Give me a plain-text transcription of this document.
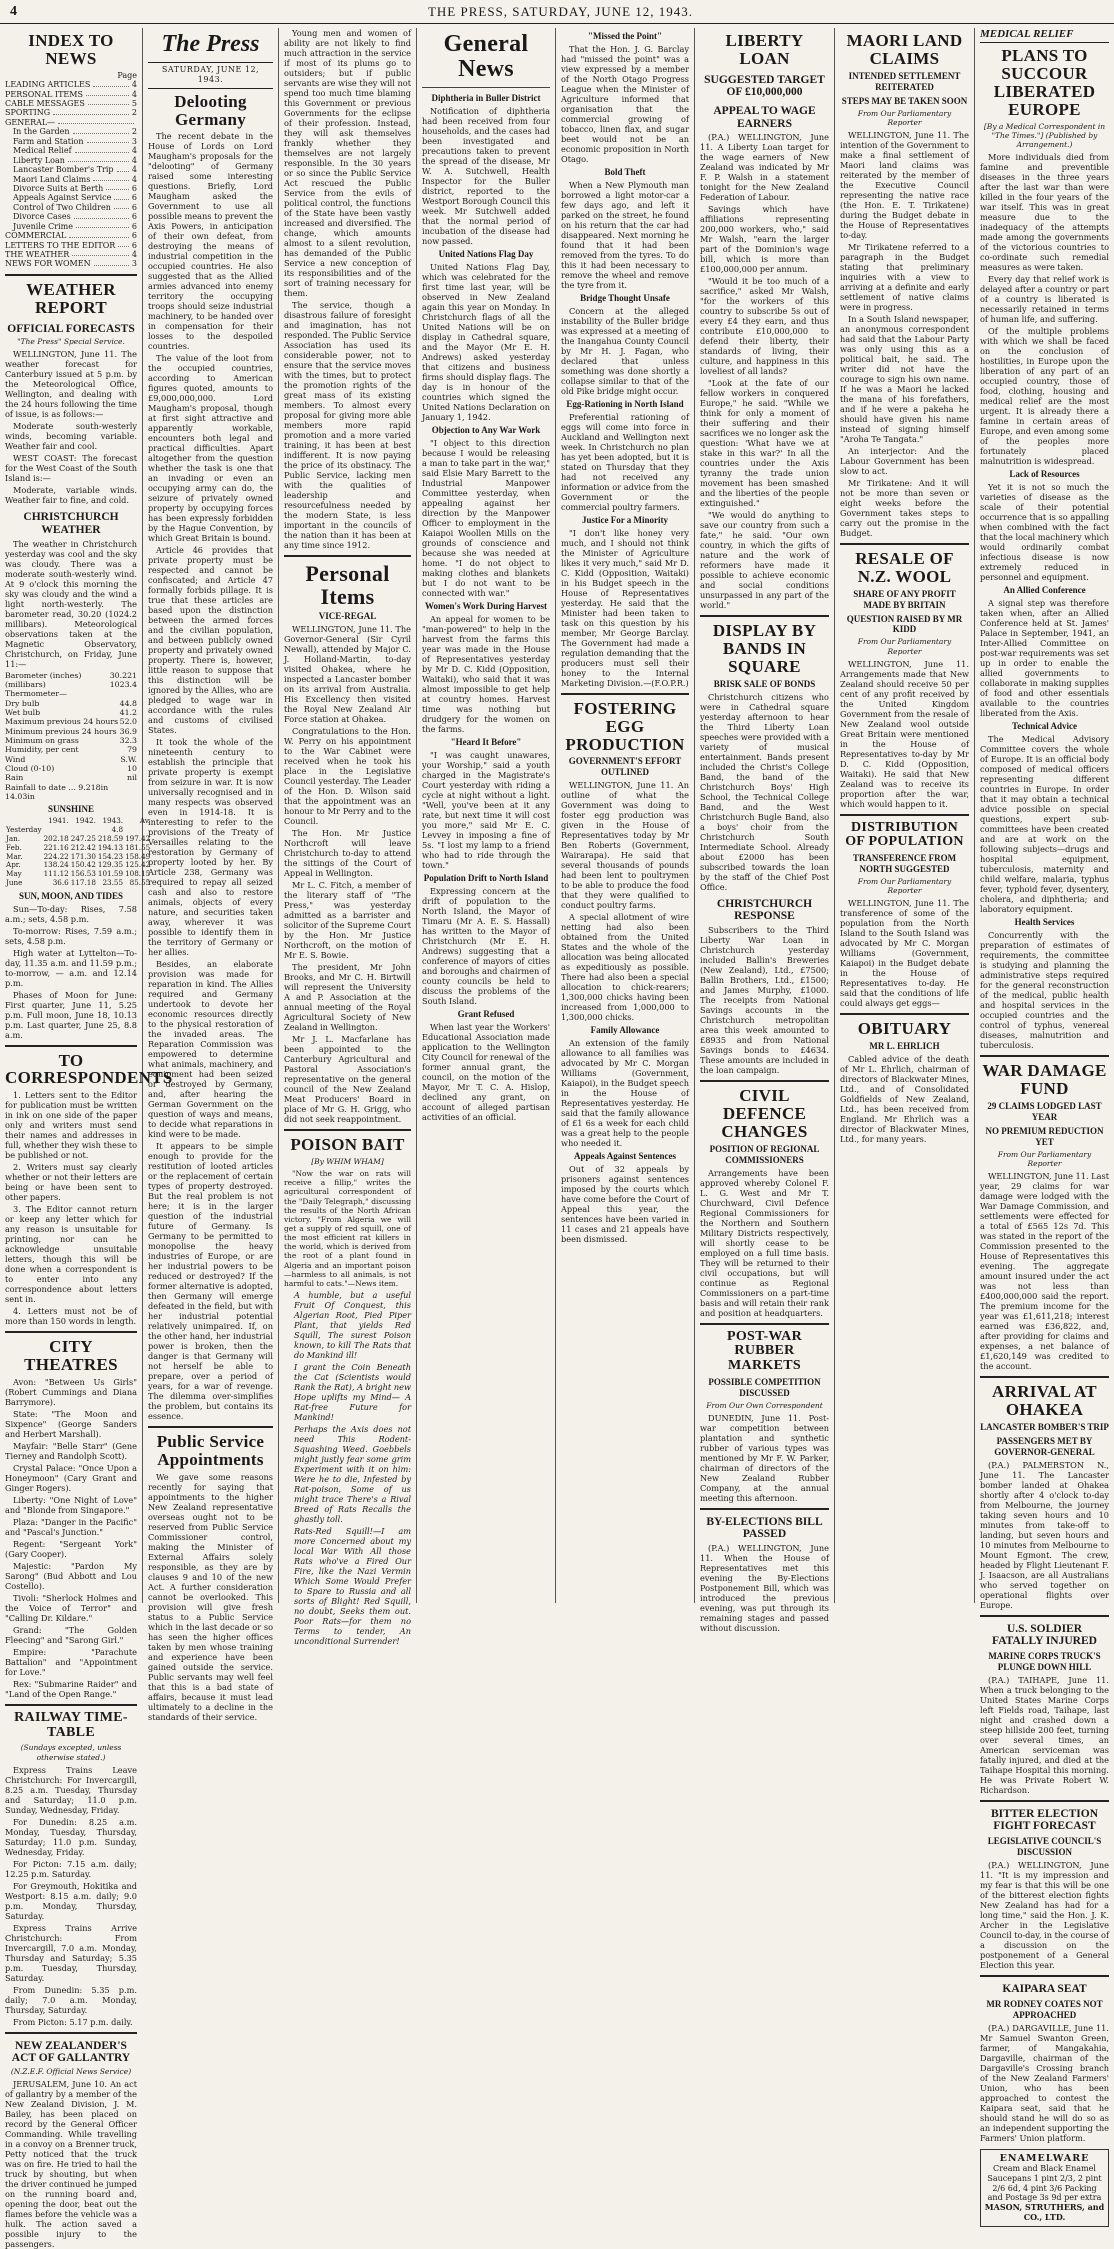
4	THE PRESS, SATURDAY, JUNE 12, 1943.
INDEX TO NEWS
Page
LEADING ARTICLES	4
PERSONAL ITEMS	4
CABLE MESSAGES	5
SPORTING	2
GENERAL—
In the Garden	2
Farm and Station	3
Medical Relief	4
Liberty Loan	4
Lancaster Bomber's Trip 4
Maori Land Claims	4
Divorce Suits at Berth	6
Appeals Against Service	6
Control of Two Children	6
Divorce Cases	6
Juvenile Crime	6
COMMERCIAL	6
LETTERS TO THE EDITOR 6
THE WEATHER	4
NEWS FOR WOMEN	3
WEATHER REPORT
OFFICIAL FORECASTS
"The Press" Special Service.

WELLINGTON, June 11. The weather forecast for Canterbury issued at 5 p.m. by the Meteorological Office, Wellington, and dealing with the 24 hours following the time of issue, is as follows:—

Moderate south-westerly winds, becoming variable. Weather fair and cool.

WEST COAST: The forecast for the West Coast of the South Island is:—

Moderate, variable winds. Weather fair to fine, and cold.

CHRISTCHURCH WEATHER

The weather in Christchurch yesterday was cool and the sky was cloudy. There was a moderate south-westerly wind. At 9 o'clock this morning the sky was cloudy and the wind a light north-westerly. The barometer read, 30.20 (1024.2 millibars). Meteorological observations taken at the Magnetic Observatory, Christchurch, on Friday, June 11:—

Barometer (inches)	30.221
(millibars)	1023.4
Thermometer—
Dry bulb	44.8
Wet bulb	41.2
Maximum previous 24 hours 52.0
Minimum previous 24 hours 36.9
Minimum on grass	32.3
Humidity, per cent	79
Wind	S.W.
Cloud (0-10)	10
Rain	nil
Rainfall to date ... 9.218in 14.03in
SUNSHINE
	1941.	1942.	1943.	Av.
Yesterday			4.8	
Jan.	202.18	247.25	218.59	197.42
Feb.	221.16	212.42	194.13	181.55
Mar.	224.22	171.30	154.23	158.49
Apr.	138.24	150.42	129.35	125.42
May	111.12	156.53	101.59	108.15
June	36.6	117.18	23.55	85.55
SUN, MOON, AND TIDES

Sun—To-day: Rises, 7.58 a.m.; sets, 4.58 p.m.

To-morrow: Rises, 7.59 a.m.; sets, 4.58 p.m.

High water at Lyttelton—To-day, 11.35 a.m. and 11.59 p.m.; to-morrow, — a.m. and 12.14 p.m.

Phases of Moon for June: First quarter, June 11, 5.25 p.m. Full moon, June 18, 10.13 p.m. Last quarter, June 25, 8.8 a.m.

TO CORRESPONDENTS

1. Letters sent to the Editor for publication must be written in ink on one side of the paper only and writers must send their names and addresses in full, whether they wish these to be published or not.

2. Writers must say clearly whether or not their letters are being or have been sent to other papers.

3. The Editor cannot return or keep any letter which for any reason is unsuitable for printing, nor can he acknowledge unsuitable letters, though this will be done when a correspondent is to enter into any correspondence about letters sent in.

4. Letters must not be of more than 150 words in length.

CITY THEATRES

Avon: "Between Us Girls" (Robert Cummings and Diana Barrymore).

State: "The Moon and Sixpence" (George Sanders and Herbert Marshall).

Mayfair: "Belle Starr" (Gene Tierney and Randolph Scott).

Crystal Palace: "Once Upon a Honeymoon" (Cary Grant and Ginger Rogers).

Liberty: "One Night of Love" and "Blonde from Singapore."

Plaza: "Danger in the Pacific" and "Pascal's Junction."

Regent: "Sergeant York" (Gary Cooper).

Majestic: "Pardon My Sarong" (Bud Abbott and Lou Costello).

Tivoli: "Sherlock Holmes and the Voice of Terror" and "Calling Dr. Kildare."

Grand: "The Golden Fleecing" and "Sarong Girl."

Empire: "Parachute Battalion" and "Appointment for Love."

Rex: "Submarine Raider" and "Land of the Open Range."

RAILWAY TIME-TABLE
(Sundays excepted, unless otherwise stated.)

Express Trains Leave Christchurch: For Invercargill, 8.25 a.m. Tuesday, Thursday and Saturday; 11.0 p.m. Sunday, Wednesday, Friday.

For Dunedin: 8.25 a.m. Monday, Tuesday, Thursday, Saturday; 11.0 p.m. Sunday, Wednesday, Friday.

For Picton: 7.15 a.m. daily; 12.25 p.m. Saturday.

For Greymouth, Hokitika and Westport: 8.15 a.m. daily; 9.0 p.m. Monday, Thursday, Saturday.

Express Trains Arrive Christchurch: From Invercargill, 7.0 a.m. Monday, Thursday and Saturday; 5.35 p.m. Tuesday, Thursday, Saturday.

From Dunedin: 5.35 p.m. daily; 7.0 a.m. Monday, Thursday, Saturday.

From Picton: 5.17 p.m. daily.

NEW ZEALANDER'S ACT OF GALLANTRY
(N.Z.E.F. Official News Service)

JERUSALEM, June 10. An act of gallantry by a member of the New Zealand Division, J. M. Bailey, has been placed on record by the General Officer Commanding. While travelling in a convoy on a Brenner truck, Petty noticed that the truck was on fire. He tried to hail the truck by shouting, but when the driver continued he jumped on the running board and, opening the door, beat out the flames before the vehicle was a hulk. The action saved a possible injury to the passengers.

The Press
SATURDAY, JUNE 12, 1943.
Delooting Germany

The recent debate in the House of Lords on Lord Maugham's proposals for the "delooting" of Germany raised some interesting questions. Briefly, Lord Maugham asked the Government to use all possible means to prevent the Axis Powers, in anticipation of their own defeat, from destroying the means of industrial competition in the occupied countries. He also suggested that as the Allied armies advanced into enemy territory the occupying troops should seize industrial machinery, to be handed over in compensation for their losses to the despoiled countries.

The value of the loot from the occupied countries, according to American figures quoted, amounts to £9,000,000,000. Lord Maugham's proposal, though at first sight attractive and apparently workable, encounters both legal and practical difficulties. Apart altogether from the question whether the task is one that an invading or even an occupying army can do, the seizure of privately owned property by occupying forces has been expressly forbidden by the Hague Convention, by which Great Britain is bound.

Article 46 provides that private property must be respected and cannot be confiscated; and Article 47 formally forbids pillage. It is true that these articles are based upon the distinction between the armed forces and the civilian population, and between publicly owned property and privately owned property. There is, however, little reason to suppose that this distinction will be ignored by the Allies, who are pledged to wage war in accordance with the rules and customs of civilised States.

It took the whole of the nineteenth century to establish the principle that private property is exempt from seizure in war. It is now universally recognised and in many respects was observed even in 1914-18. It is interesting to refer to the provisions of the Treaty of Versailles relating to the restoration by Germany of property looted by her. By Article 238, Germany was required to repay all seized cash and also to restore animals, objects of every nature, and securities taken away, wherever it was possible to identify them in the territory of Germany or her allies.

Besides, an elaborate provision was made for reparation in kind. The Allies required and Germany undertook to devote her economic resources directly to the physical restoration of the invaded areas. The Reparation Commission was empowered to determine what animals, machinery, and equipment had been seized or destroyed by Germany, and, after hearing the German Government on the question of ways and means, to decide what reparations in kind were to be made.

It appears to be simple enough to provide for the restitution of looted articles or the replacement of certain types of property destroyed. But the real problem is not here; it is in the larger question of the industrial future of Germany. Is Germany to be permitted to monopolise the heavy industries of Europe, or are her industrial powers to be reduced or destroyed? If the former alternative is adopted, then Germany will emerge defeated in the field, but with her industrial potential relatively unimpaired. If, on the other hand, her industrial power is broken, then the danger is that Germany will not herself be able to prepare, over a period of years, for a war of revenge. The dilemma over-simplifies the problem, but contains its essence.

Public Service Appointments

We gave some reasons recently for saying that appointments to the higher New Zealand representative overseas ought not to be reserved from Public Service Commissioner control, making the Minister of External Affairs solely responsible, as they are by clauses 9 and 10 of the new Act. A further consideration cannot be overlooked. This provision will give fresh status to a Public Service which in the last decade or so has seen the higher offices taken by men whose training and experience have been gained outside the service. Public servants may well feel that this is a bad state of affairs, because it must lead ultimately to a decline in the standards of their service.

Young men and women of ability are not likely to find much attraction in the service if most of its plums go to outsiders; but if public servants are wise they will not spend too much time blaming this Government or previous Governments for the eclipse of their profession. Instead, they will ask themselves frankly whether they themselves are not largely responsible. In the 30 years or so since the Public Service Act rescued the Public Service from the evils of political control, the functions of the State have been vastly increased and diversified. The change, which amounts almost to a silent revolution, has demanded of the Public Service a new conception of its responsibilities and of the sort of training necessary for them.

The service, though a disastrous failure of foresight and imagination, has not responded. The Public Service Association has used its considerable power, not to ensure that the service moves with the times, but to protect the promotion rights of the great mass of its existing members. To almost every proposal for giving more able members more rapid promotion and a more varied training, it has been at best indifferent. It is now paying the price of its obstinacy. The Public Service, lacking men with the qualities of leadership and resourcefulness needed by the modern State, is less important in the councils of the nation than it has been at any time since 1912.

Personal Items
VICE-REGAL

WELLINGTON, June 11. The Governor-General (Sir Cyril Newall), attended by Major C. J. Holland-Martin, to-day visited Ohakea, where he inspected a Lancaster bomber on its arrival from Australia. His Excellency then visited the Royal New Zealand Air Force station at Ohakea.

Congratulations to the Hon. W. Perry on his appointment to the War Cabinet were received when he took his place in the Legislative Council yesterday. The Leader of the Hon. D. Wilson said that the appointment was an honour to Mr Perry and to the Council.

The Hon. Mr Justice Northcroft will leave Christchurch to-day to attend the sittings of the Court of Appeal in Wellington.

Mr L. C. Fitch, a member of the literary staff of "The Press," was yesterday admitted as a barrister and solicitor of the Supreme Court by the Hon. Mr Justice Northcroft, on the motion of Mr E. S. Bowie.

The president, Mr John Brooks, and Mr C. H. Birtwill will represent the University A and P. Association at the annual meeting of the Royal Agricultural Society of New Zealand in Wellington.

Mr J. L. Macfarlane has been appointed to the Canterbury Agricultural and Pastoral Association's representative on the general council of the New Zealand Meat Producers' Board in place of Mr G. H. Grigg, who did not seek reappointment.

POISON BAIT
[By WHIM WHAM]

"Now the war on rats will receive a fillip," writes the agricultural correspondent of the "Daily Telegraph," discussing the results of the North African victory. "From Algeria we will get a supply of red squill, one of the most efficient rat killers in the world, which is derived from the root of a plant found in Algeria and an important poison—harmless to all animals, is not harmful to cats."—News item.

A humble, but a useful Fruit Of Conquest, this Algerian Root, Pied Piper Plant, that yields Red Squill, The surest Poison known, to kill The Rats that do Mankind ill!

I grant the Coin Beneath the Cat (Scientists would Rank the Rat), A bright new Hope uplifts my Mind— A Rat-free Future for Mankind!

Perhaps the Axis does not need This Rodent-Squashing Weed. Goebbels might justly fear some grim Experiment with it on him: Were he to die, Infested by Rat-poison, Some of us might trace There's a Rival Breed of Rats Recalls the ghastly toll.

Rats-Red Squill!—I am more Concerned about my local War With All those Rats who've a Fired Our Fire, like the Nazi Vermin Which Some Would Prefer to Spare to Russia and all sorts of Blight! Red Squill, no doubt, Seeks them out. Poor Rats—for them no Terms to tender, An unconditional Surrender!

General News
Diphtheria in Buller District

Notification of diphtheria had been received from four households, and the cases had been investigated and precautions taken to prevent the spread of the disease, Mr W. A. Sutchwell, Health Inspector for the Buller district, reported to the Westport Borough Council this week. Mr Sutchwell added that the normal period of incubation of the disease had now passed.

United Nations Flag Day

United Nations Flag Day, which was celebrated for the first time last year, will be observed in New Zealand again this year on Monday. In Christchurch flags of all the United Nations will be on display in Cathedral square, and the Mayor (Mr E. H. Andrews) asked yesterday that citizens and business firms should display flags. The day is in honour of the countries which signed the United Nations Declaration on January 1, 1942.

Objection to Any War Work

"I object to this direction because I would be releasing a man to take part in the war," said Elsie Mary Barrett to the Industrial Manpower Committee yesterday, when appealing against her direction by the Manpower Officer to employment in the Kaiapoi Woollen Mills on the grounds of conscience and because she was needed at home. "I do not object to making clothes and blankets but I do not want to be connected with war."

Women's Work During Harvest

An appeal for women to be "man-powered" to help in the harvest from the farms this year was made in the House of Representatives yesterday by Mr D. C. Kidd (Opposition, Waitaki), who said that it was almost impossible to get help at country homes. Harvest time was nothing but drudgery for the women on the farms.

"Heard It Before"

"I was caught unawares, your Worship," said a youth charged in the Magistrate's Court yesterday with riding a cycle at night without a light. "Well, you've been at it any rate, but next time it will cost you more," said Mr E. C. Levvey in imposing a fine of 5s. "I lost my lamp to a friend who had to ride through the town."

Population Drift to North Island

Expressing concern at the drift of population to the North Island, the Mayor of Timaru (Mr A. E. S. Hassall) has written to the Mayor of Christchurch (Mr E. H. Andrews) suggesting that a conference of mayors of cities and boroughs and chairmen of county councils be held to discuss the problems of the South Island.

Grant Refused

When last year the Workers' Educational Association made application to the Wellington City Council for renewal of the former annual grant, the council, on the motion of the Mayor, Mr T. C. A. Hislop, declined any grant, on account of alleged partisan activities of an official.

"Missed the Point"

That the Hon. J. G. Barclay had "missed the point" was a view expressed by a member of the North Otago Progress League when the Minister of Agriculture informed that organisation that the commercial growing of tobacco, linen flax, and sugar beet would not be an economic proposition in North Otago.

Bold Theft

When a New Plymouth man borrowed a light motor-car a few days ago, and left it parked on the street, he found on his return that the car had disappeared. Next morning he found that it had been removed from the tyres. To do this it had been necessary to remove the wheel and remove the tyre from it.

Bridge Thought Unsafe

Concern at the alleged instability of the Buller bridge was expressed at a meeting of the Inangahua County Council by Mr H. J. Fagan, who declared that unless something was done shortly a collapse similar to that of the old Pike bridge might occur.

Egg-Rationing in North Island

Preferential rationing of eggs will come into force in Auckland and Wellington next week. In Christchurch no plan has yet been adopted, but it is stated on Thursday that they had not received any information or advice from the Government or the commercial poultry farmers.

Justice For a Minority

"I don't like honey very much, and I should not think the Minister of Agriculture likes it very much," said Mr D. C. Kidd (Opposition, Waitaki) in his Budget speech in the House of Representatives yesterday. He said that the Minister had been taken to task on this question by his member, Mr George Barclay. The Government had made a regulation demanding that the producers must sell their honey to the Internal Marketing Division.—(F.O.P.R.)

FOSTERING EGG PRODUCTION
GOVERNMENT'S EFFORT OUTLINED

WELLINGTON, June 11. An outline of what the Government was doing to foster egg production was given in the House of Representatives today by Mr Ben Roberts (Government, Wairarapa). He said that several thousands of pounds had been lent to poultrymen to be able to produce the food that they were qualified to conduct poultry farms.

A special allotment of wire netting had also been obtained from the United States and the whole of the allocation was being allocated as expeditiously as possible. There had also been a special allocation to chick-rearers; 1,300,000 chicks having been increased from 1,000,000 to 1,300,000 chicks.

Family Allowance

An extension of the family allowance to all families was advocated by Mr C. Morgan Williams (Government, Kaiapoi), in the Budget speech in the House of Representatives yesterday. He said that the family allowance of £1 6s a week for each child was a great help to the people who needed it.

Appeals Against Sentences

Out of 32 appeals by prisoners against sentences imposed by the courts which have come before the Court of Appeal this year, the sentences have been varied in 11 cases and 21 appeals have been dismissed.

LIBERTY LOAN
SUGGESTED TARGET OF £10,000,000
APPEAL TO WAGE EARNERS

(P.A.) WELLINGTON, June 11. A Liberty Loan target for the wage earners of New Zealand was indicated by Mr F. P. Walsh in a statement tonight for the New Zealand Federation of Labour.

Savings which have affiliations representing 200,000 workers, who," said Mr Walsh, "earn the larger part of the Dominion's wage bill, which is more than £100,000,000 per annum.

"Would it be too much of a sacrifice," asked Mr Walsh, "for the workers of this country to subscribe 5s out of every £4 they earn, and thus contribute £10,000,000 to defend their liberty, their standards of living, their culture, and happiness in this loveliest of all lands?

"Look at the fate of our fellow workers in conquered Europe," he said. "While we think for only a moment of their suffering and their sacrifices we no longer ask the question: 'What have we at stake in this war?' In all the countries under the Axis tyranny the trade union movement has been smashed and the liberties of the people extinguished."

"We would do anything to save our country from such a fate," he said. "Our own country, in which the gifts of nature and the work of reformers have made it possible to achieve economic and social conditions unsurpassed in any part of the world."

DISPLAY BY BANDS IN SQUARE
BRISK SALE OF BONDS

Christchurch citizens who were in Cathedral square yesterday afternoon to hear the Third Liberty Loan speeches were provided with a variety of musical entertainment. Bands present included the Christ's College Band, the band of the Christchurch Boys' High School, the Technical College Band, and the West Christchurch Bugle Band, also a boys' choir from the Christchurch South Intermediate School. Already about £2000 has been subscribed towards the loan by the staff of the Chief Post Office.

CHRISTCHURCH RESPONSE

Subscribers to the Third Liberty War Loan in Christchurch yesterday included Ballin's Breweries (New Zealand), Ltd., £7500; Ballin Brothers, Ltd., £1500; and James Murphy, £1000. The receipts from National Savings accounts in the Christchurch metropolitan area this week amounted to £8935 and from National Savings bonds to £4634. These amounts are included in the loan campaign.

CIVIL DEFENCE CHANGES
POSITION OF REGIONAL COMMISSIONERS

Arrangements have been approved whereby Colonel F. L. G. West and Mr T. Churchward, Civil Defence Regional Commissioners for the Northern and Southern Military Districts respectively, will shortly cease to be employed on a full time basis. They will be returned to their civil occupations, but will continue as Regional Commissioners on a part-time basis and will retain their rank and position at headquarters.

POST-WAR RUBBER MARKETS
POSSIBLE COMPETITION DISCUSSED
From Our Own Correspondent

DUNEDIN, June 11. Post-war competition between plantation and synthetic rubber of various types was mentioned by Mr F. W. Parker, chairman of directors of the New Zealand Rubber Company, at the annual meeting this afternoon.

BY-ELECTIONS BILL PASSED

(P.A.) WELLINGTON, June 11. When the House of Representatives met this evening the By-Elections Postponement Bill, which was introduced the previous evening, was put through its remaining stages and passed without discussion.

MAORI LAND CLAIMS
INTENDED SETTLEMENT REITERATED
STEPS MAY BE TAKEN SOON
From Our Parliamentary Reporter

WELLINGTON, June 11. The intention of the Government to make a final settlement of Maori land claims was reiterated by the member of the Executive Council representing the native race (the Hon. E. T. Tirikatene) during the Budget debate in the House of Representatives to-day.

Mr Tirikatene referred to a paragraph in the Budget stating that preliminary inquiries with a view to arriving at a definite and early settlement of native claims were in progress.

In a South Island newspaper, an anonymous correspondent had said that the Labour Party was only using this as a political bait, he said. The writer did not have the courage to sign his own name. If he was a Maori he lacked the mana of his forefathers, and if he were a pakeha he should have given his name instead of signing himself "Aroha Te Tangata."

An interjector: And the Labour Government has been slow to act.

Mr Tirikatene: And it will not be more than seven or eight weeks before the Government takes steps to carry out the promise in the Budget.

RESALE OF N.Z. WOOL
SHARE OF ANY PROFIT MADE BY BRITAIN
QUESTION RAISED BY MR KIDD
From Our Parliamentary Reporter

WELLINGTON, June 11. Arrangements made that New Zealand should receive 50 per cent of any profit received by the United Kingdom Government from the resale of New Zealand wool outside Great Britain were mentioned in the House of Representatives to-day by Mr D. C. Kidd (Opposition, Waitaki). He said that New Zealand was to receive its proportion after the war, which would happen to it.

DISTRIBUTION OF POPULATION
TRANSFERENCE FROM NORTH SUGGESTED
From Our Parliamentary Reporter

WELLINGTON, June 11. The transference of some of the population from the North Island to the South Island was advocated by Mr C. Morgan Williams (Government, Kaiapoi) in the Budget debate in the House of Representatives to-day. He said that the conditions of life could always get eggs—

OBITUARY
MR L. EHRLICH

Cabled advice of the death of Mr L. Ehrlich, chairman of directors of Blackwater Mines, Ltd., and of Consolidated Goldfields of New Zealand, Ltd., has been received from England. Mr Ehrlich was a director of Blackwater Mines, Ltd., for many years.

MEDICAL RELIEF
PLANS TO SUCCOUR LIBERATED EUROPE
[By a Medical Correspondent in "The Times."] (Published by Arrangement.)

More individuals died from famine and preventible diseases in the three years after the last war than were killed in the four years of the war itself. This was in great measure due to the inadequacy of the attempts made among the governments of the victorious countries to co-ordinate such remedial measures as were taken.

Every day that relief work is delayed after a country or part of a country is liberated is necessarily retained in terms of human life, and suffering.

Of the multiple problems with which we shall be faced on the conclusion of hostilities, in Europe upon the liberation of any part of an occupied country, those of food, clothing, housing and medical relief are the most urgent. It is already there a famine in certain areas of Europe, and even among some of the peoples more fortunately placed malnutrition is widespread.

Lack of Resources

Yet it is not so much the varieties of disease as the scale of their potential occurrence that is so appalling when combined with the fact that the local machinery which would ordinarily combat infectious disease is now extremely reduced in personnel and equipment.

An Allied Conference

A signal step was therefore taken when, after an Allied Conference held at St. James' Palace in September, 1941, an Inter-Allied Committee on post-war requirements was set up in order to enable the allied governments to collaborate in making supplies of food and other essentials available to the countries liberated from the Axis.

Technical Advice

The Medical Advisory Committee covers the whole of Europe. It is an official body composed of medical officers representing different countries in Europe. In order that it may obtain a technical advice possible on special questions, expert sub-committees have been created and are at work on the following subjects—drugs and hospital equipment, tuberculosis, maternity and child welfare, malaria, typhus fever, typhoid fever, dysentery, cholera, and diphtheria; and laboratory equipment.

Health Services

Concurrently with the preparation of estimates of requirements, the committee is studying and planning the administrative steps required for the general reconstruction of the medical, public health and hospital services in the occupied countries and the control of typhus, venereal diseases, malnutrition and tuberculosis.

WAR DAMAGE FUND
29 CLAIMS LODGED LAST YEAR
NO PREMIUM REDUCTION YET
From Our Parliamentary Reporter

WELLINGTON, June 11. Last year, 29 claims for war damage were lodged with the War Damage Commission, and settlements were effected for a total of £565 12s 7d. This was stated in the report of the Commission presented to the House of Representatives this evening. The aggregate amount insured under the act was not less than £400,000,000 said the report. The premium income for the year was £1,611,218; interest earned was £36,822, and, after providing for claims and expenses, a net balance of £1,620,149 was credited to the account.

ARRIVAL AT OHAKEA
LANCASTER BOMBER'S TRIP
PASSENGERS MET BY GOVERNOR-GENERAL

(P.A.) PALMERSTON N., June 11. The Lancaster bomber landed at Ohakea shortly after 4 o'clock to-day from Melbourne, the journey taking seven hours and 10 minutes from take-off to landing, but seven hours and 10 minutes from Melbourne to Mount Egmont. The crew, headed by Flight Lieutenant F. J. Isaacson, are all Australians who served together on operational flights over Europe.

U.S. SOLDIER FATALLY INJURED
MARINE CORPS TRUCK'S PLUNGE DOWN HILL

(P.A.) TAIHAPE, June 11. When a truck belonging to the United States Marine Corps left Fields road, Taihape, last night and crashed down a steep hillside 200 feet, turning over several times, an American serviceman was fatally injured, and died at the Taihape Hospital this morning. He was Private Robert W. Richardson.

BITTER ELECTION FIGHT FORECAST
LEGISLATIVE COUNCIL'S DISCUSSION

(P.A.) WELLINGTON, June 11. "It is my impression and my fear is that this will be one of the bitterest election fights New Zealand has had for a long time," said the Hon. J. K. Archer in the Legislative Council to-day, in the course of a discussion on the postponement of a General Election this year.

KAIPARA SEAT
MR RODNEY COATES NOT APPROACHED

(P.A.) DARGAVILLE, June 11. Mr Samuel Swanton Green, farmer, of Mangakahia, Dargaville, chairman of the Dargaville's Crossing branch of the New Zealand Farmers' Union, who has been approached to contest the Kaipara seat, said that he should stand he will do so as an independent supporting the Farmers' Union platform.

ENAMELWARE
Cream and Black Enamel Saucepans 1 pint 2/3, 2 pint 2/6 6d, 4 pint 3/6 Packing and Postage 3s 9d per extra
MASON, STRUTHERS, and CO., LTD.
